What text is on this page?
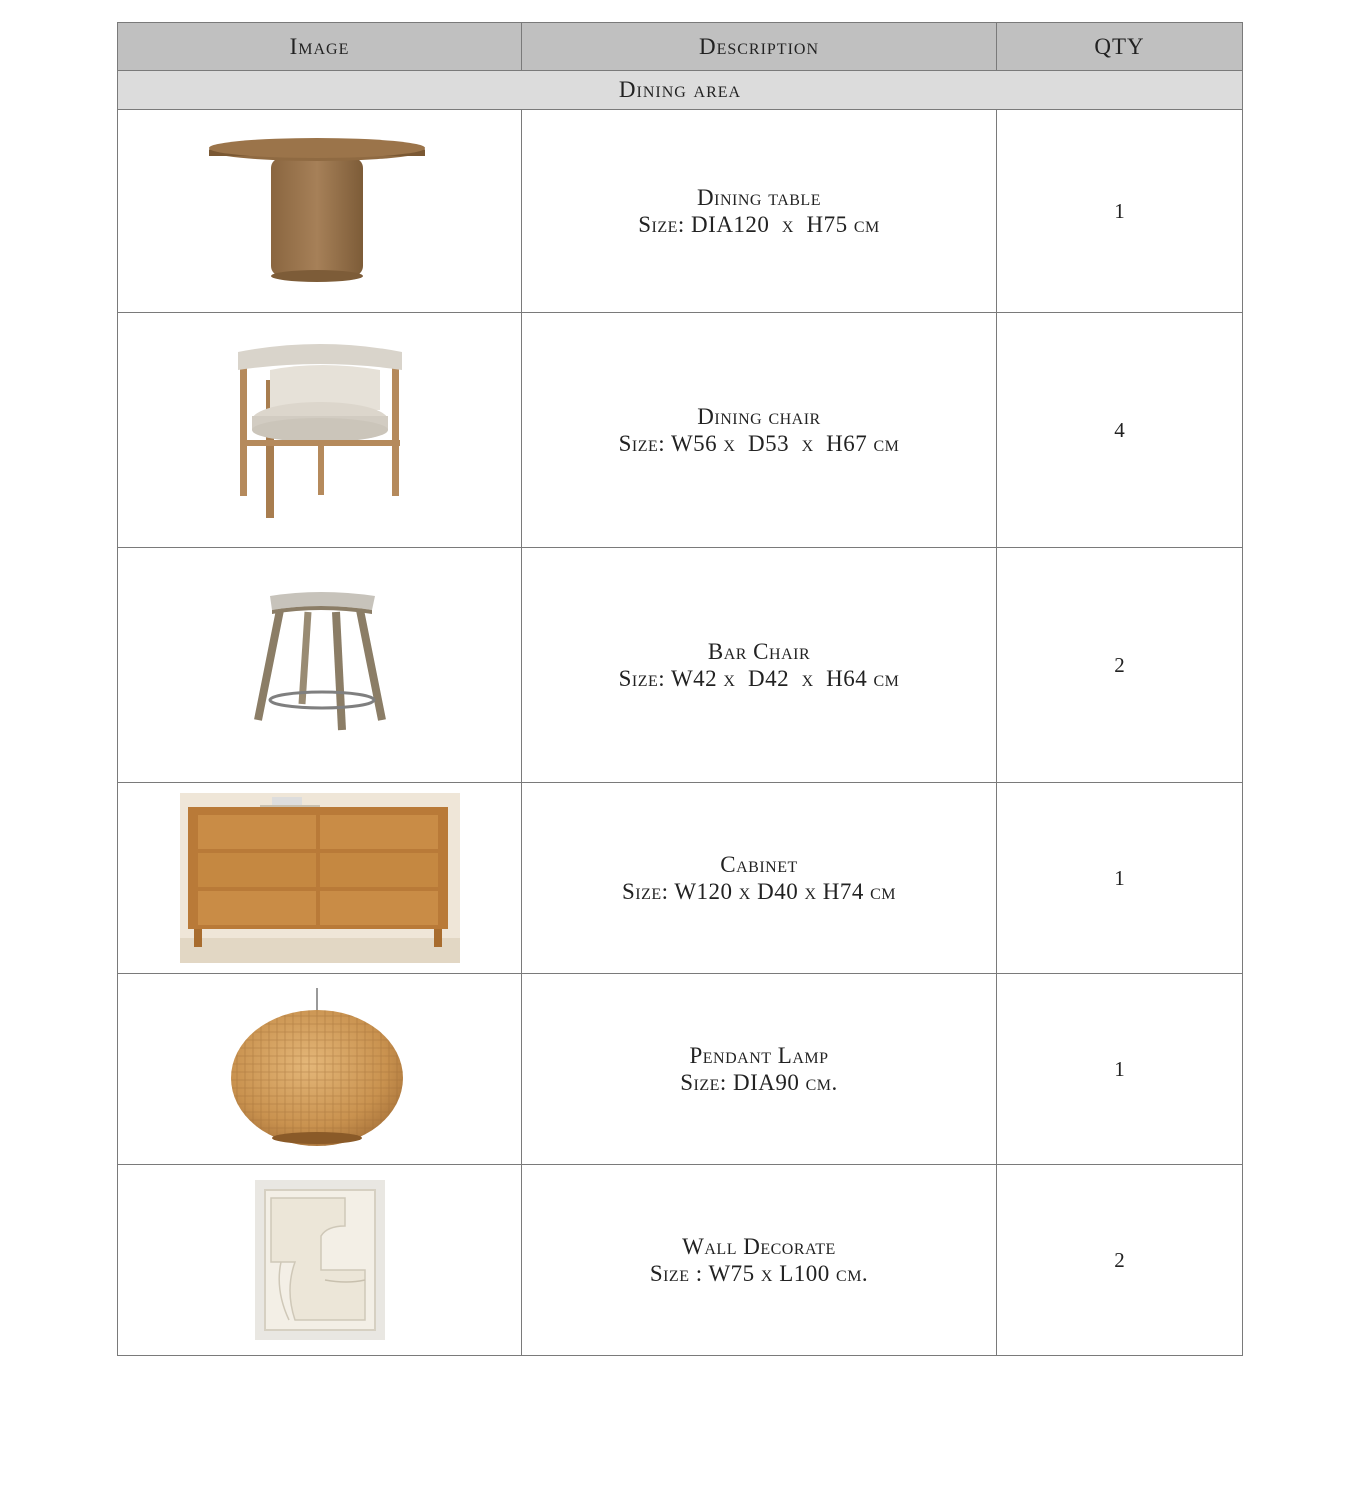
Image	Description	QTY
Dining area		

Dining table
Size: DIA120  x  H75 cm	1

Dining chair
Size: W56 x  D53  x  H67 cm	4

Bar Chair
Size: W42 x  D42  x  H64 cm	2

Cabinet
Size: W120 x D40 x H74 cm	1

Pendant Lamp
Size: DIA90 cm.	1

Wall Decorate
Size : W75 x L100 cm.	2
